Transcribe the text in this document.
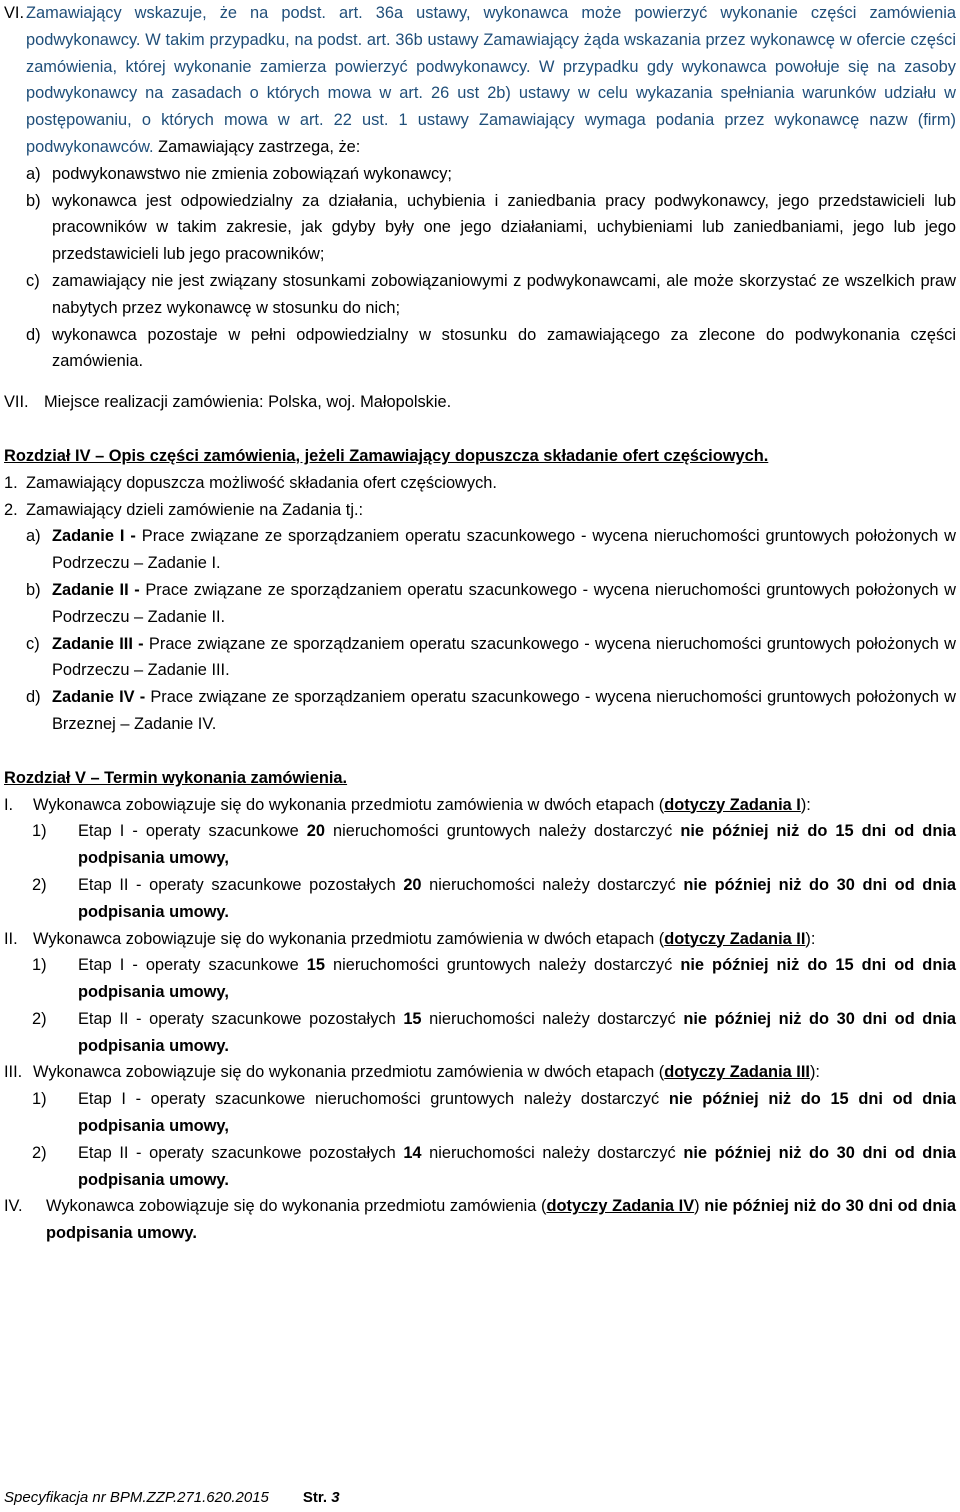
VI. Zamawiający wskazuje, że na podst. art. 36a ustawy, wykonawca może powierzyć wykonanie części zamówienia podwykonawcy. W takim przypadku, na podst. art. 36b ustawy Zamawiający żąda wskazania przez wykonawcę w ofercie części zamówienia, której wykonanie zamierza powierzyć podwykonawcy. W przypadku gdy wykonawca powołuje się na zasoby podwykonawcy na zasadach o których mowa w art. 26 ust 2b) ustawy w celu wykazania spełniania warunków udziału w postępowaniu, o których mowa w art. 22 ust. 1 ustawy Zamawiający wymaga podania przez wykonawcę nazw (firm) podwykonawców. Zamawiający zastrzega, że:

a) podwykonawstwo nie zmienia zobowiązań wykonawcy;
b) wykonawca jest odpowiedzialny za działania, uchybienia i zaniedbania pracy podwykonawcy, jego przedstawicieli lub pracowników w takim zakresie, jak gdyby były one jego działaniami, uchybieniami lub zaniedbaniami, jego lub jego przedstawicieli lub jego pracowników;
c) zamawiający nie jest związany stosunkami zobowiązaniowymi z podwykonawcami, ale może skorzystać ze wszelkich praw nabytych przez wykonawcę w stosunku do nich;
d) wykonawca pozostaje w pełni odpowiedzialny w stosunku do zamawiającego za zlecone do podwykonania części zamówienia.
VII. Miejsce realizacji zamówienia: Polska, woj. Małopolskie.

Rozdział IV – Opis części zamówienia, jeżeli Zamawiający dopuszcza składanie ofert częściowych.

1. Zamawiający dopuszcza możliwość składania ofert częściowych.
2. Zamawiający dzieli zamówienie na Zadania tj.:
a) Zadanie I - Prace związane ze sporządzaniem operatu szacunkowego - wycena nieruchomości gruntowych położonych w Podrzeczu – Zadanie I.
b) Zadanie II - Prace związane ze sporządzaniem operatu szacunkowego - wycena nieruchomości gruntowych położonych w Podrzeczu – Zadanie II.
c) Zadanie III - Prace związane ze sporządzaniem operatu szacunkowego - wycena nieruchomości gruntowych położonych w Podrzeczu – Zadanie III.
d) Zadanie IV - Prace związane ze sporządzaniem operatu szacunkowego - wycena nieruchomości gruntowych położonych w Brzeznej – Zadanie IV.

Rozdział V – Termin wykonania zamówienia.

I.	Wykonawca zobowiązuje się do wykonania przedmiotu zamówienia w dwóch etapach (dotyczy Zadania I):

1)	Etap I - operaty szacunkowe 20 nieruchomości gruntowych należy dostarczyć nie później niż do 15 dni od dnia podpisania umowy,
2)	Etap II - operaty szacunkowe pozostałych 20 nieruchomości należy dostarczyć nie później niż do 30 dni od dnia podpisania umowy.
II. Wykonawca zobowiązuje się do wykonania przedmiotu zamówienia w dwóch etapach (dotyczy Zadania II):

1)	Etap I - operaty szacunkowe 15 nieruchomości gruntowych należy dostarczyć nie później niż do 15 dni od dnia podpisania umowy,
2)	Etap II - operaty szacunkowe pozostałych 15 nieruchomości należy dostarczyć nie później niż do 30 dni od dnia podpisania umowy.
III. Wykonawca zobowiązuje się do wykonania przedmiotu zamówienia w dwóch etapach (dotyczy Zadania III):

1)	Etap I - operaty szacunkowe nieruchomości gruntowych należy dostarczyć nie później niż do 15 dni od dnia podpisania umowy,
2)	Etap II - operaty szacunkowe pozostałych 14 nieruchomości należy dostarczyć nie później niż do 30 dni od dnia podpisania umowy.
IV.	Wykonawca zobowiązuje się do wykonania przedmiotu zamówienia (dotyczy Zadania IV) nie później niż do 30 dni od dnia podpisania umowy.

Specyfikacja nr BPM.ZZP.271.620.2015 Str. 3
